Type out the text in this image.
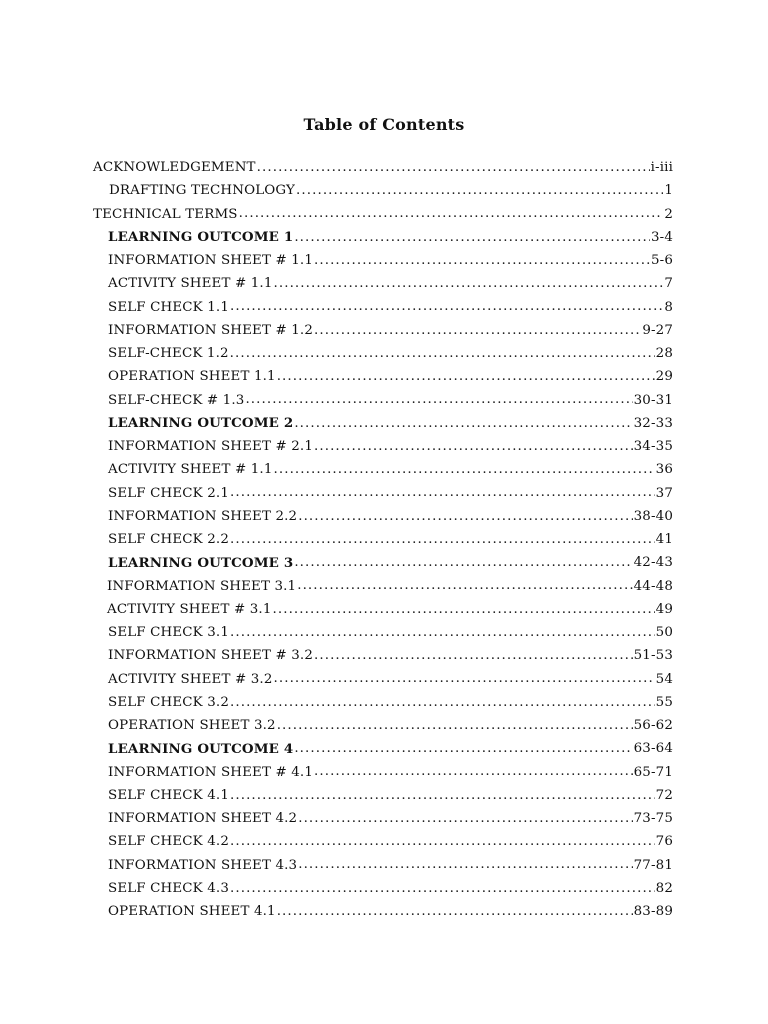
Table of Contents
ACKNOWLEDGEMENT .....	i-iii
DRAFTING TECHNOLOGY .....	1
TECHNICAL TERMS .....	2
LEARNING OUTCOME 1 .....	3-4
INFORMATION SHEET # 1.1 .....	5-6
ACTIVITY SHEET # 1.1 .....	7
SELF CHECK 1.1 .....	8
INFORMATION SHEET # 1.2 .....	9-27
SELF-CHECK 1.2 .....	28
OPERATION SHEET 1.1 .....	29
SELF-CHECK # 1.3 .....	30-31
LEARNING OUTCOME 2 .....	32-33
INFORMATION SHEET # 2.1 .....	34-35
ACTIVITY SHEET # 1.1 .....	36
SELF CHECK 2.1 .....	37
INFORMATION SHEET 2.2 .....	38-40
SELF CHECK 2.2 .....	41
LEARNING OUTCOME 3 .....	42-43
INFORMATION SHEET 3.1 .....	44-48
ACTIVITY SHEET # 3.1 .....	49
SELF CHECK 3.1 .....	50
INFORMATION SHEET # 3.2 .....	51-53
ACTIVITY SHEET # 3.2 .....	54
SELF CHECK 3.2 .....	55
OPERATION SHEET 3.2 .....	56-62
LEARNING OUTCOME 4 .....	63-64
INFORMATION SHEET # 4.1 .....	65-71
SELF CHECK 4.1 .....	72
INFORMATION SHEET 4.2 .....	73-75
SELF CHECK 4.2 .....	76
INFORMATION SHEET 4.3 .....	77-81
SELF CHECK 4.3 .....	82
OPERATION SHEET 4.1 .....	83-89
